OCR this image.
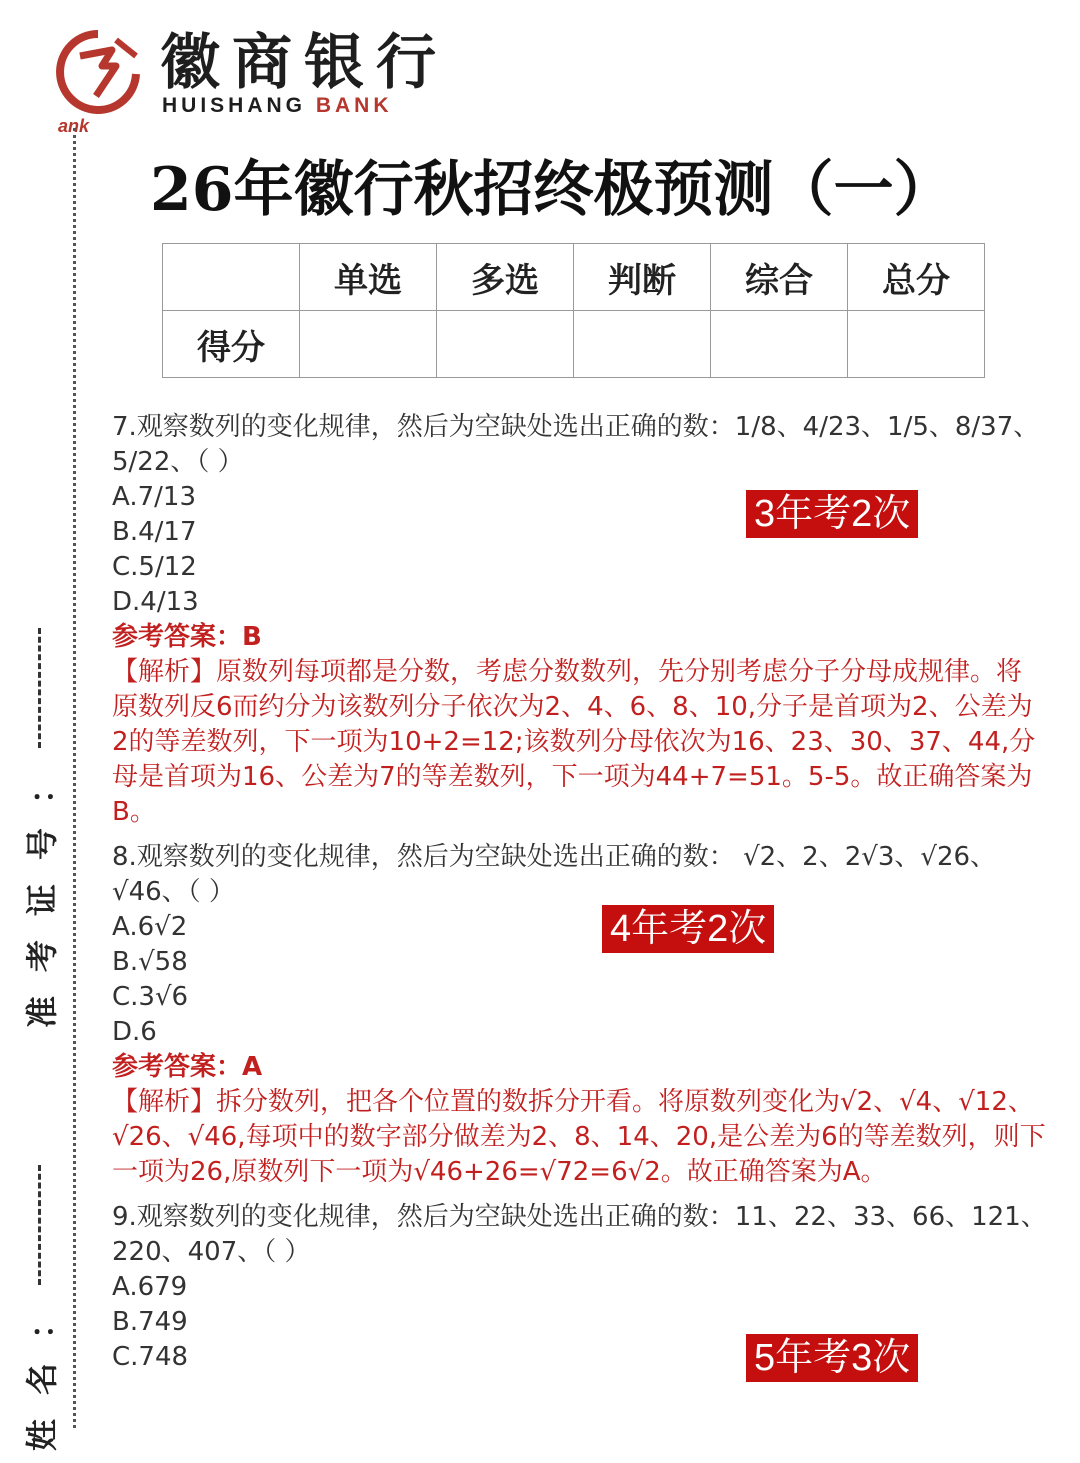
ank
徽商银行
HUISHANG BANK
：
号
证
考
准
：
名
姓
26年徽行秋招终极预测（一）
	单选	多选	判断	综合	总分
得分					

7.观察数列的变化规律，然后为空缺处选出正确的数：1/8、4/23、1/5、8/37、5/22、（ ）

A.7/13

B.4/17

C.5/12

D.4/13

参考答案：B

【解析】原数列每项都是分数，考虑分数数列，先分别考虑分子分母成规律。将原数列反6而约分为该数列分子依次为2、4、6、8、10,分子是首项为2、公差为2的等差数列，下一项为10+2=12;该数列分母依次为16、23、30、37、44,分母是首项为16、公差为7的等差数列，下一项为44+7=51。5-5。故正确答案为B。

8.观察数列的变化规律，然后为空缺处选出正确的数： √2、2、2√3、√26、√46、（ ）

A.6√2

B.√58

C.3√6

D.6

参考答案：A

【解析】拆分数列，把各个位置的数拆分开看。将原数列变化为√2、√4、√12、√26、√46,每项中的数字部分做差为2、8、14、20,是公差为6的等差数列，则下一项为26,原数列下一项为√46+26=√72=6√2。故正确答案为A。

9.观察数列的变化规律，然后为空缺处选出正确的数：11、22、33、66、121、220、407、（ ）

A.679

B.749

C.748

3年考2次
4年考2次
5年考3次
